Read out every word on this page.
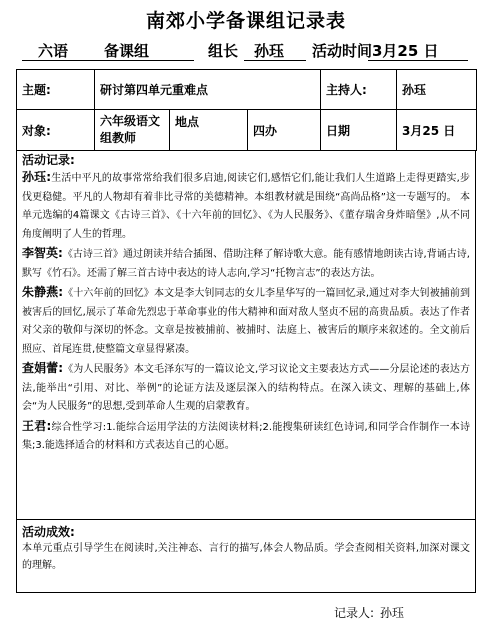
南郊小学备课组记录表
六语 备课组	组长 孙珏 活动时间 3月25 日
主题:	研讨第四单元重难点			主持人:	孙珏
对象:	六年级语文组教师	地点	四办	日期	3月25 日
活动记录:

孙珏:生活中平凡的故事常常给我们很多启迪,阅读它们,感悟它们,能让我们人生道路上走得更踏实,步伐更稳健。平凡的人物却有着非比寻常的美德精神。本组教材就是围绕“高尚品格”这一专题写的。 本单元选编的4篇课文《古诗三首》、《十六年前的回忆》、《为人民服务》、《董存瑞舍身炸暗堡》,从不同角度阐明了人生的哲理。

李智英:《古诗三首》通过朗读并结合插图、借助注释了解诗歌大意。能有感情地朗读古诗,背诵古诗,默写《竹石》。还需了解三首古诗中表达的诗人志向,学习“托物言志”的表达方法。

朱静燕:《十六年前的回忆》本文是李大钊同志的女儿李星华写的一篇回忆录,通过对李大钊被捕前到被害后的回忆,展示了革命先烈忠于革命事业的伟大精神和面对敌人坚贞不屈的高贵品质。表达了作者对父亲的敬仰与深切的怀念。文章是按被捕前、被捕时、法庭上、被害后的顺序来叙述的。全文前后照应、首尾连贯,使整篇文章显得紧凑。

查娟蕾:《为人民服务》本文毛泽东写的一篇议论文,学习议论文主要表达方式——分层论述的表达方法,能举出“引用、对比、举例”的论证方法及逐层深入的结构特点。在深入读文、理解的基础上,体会“为人民服务”的思想,受到革命人生观的启蒙教育。

王君:综合性学习:1.能综合运用学法的方法阅读材料;2.能搜集研读红色诗词,和同学合作制作一本诗集;3.能选择适合的材料和方式表达自己的心愿。

活动成效:

本单元重点引导学生在阅读时,关注神态、言行的描写,体会人物品质。学会查阅相关资料,加深对课文的理解。

记录人: 孙珏
